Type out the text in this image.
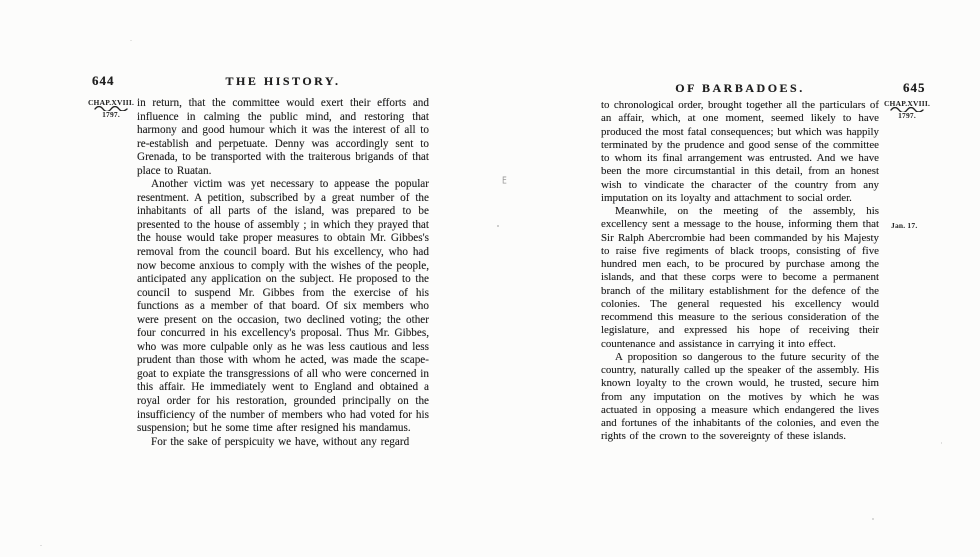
644	THE HISTORY.
CHAP.XVIII.
1797.

in return, that the committee would exert their efforts and influence in calming the public mind, and restoring that harmony and good humour which it was the interest of all to re-establish and perpetuate. Denny was accordingly sent to Grenada, to be transported with the traiterous brigands of that place to Ruatan.

Another victim was yet necessary to appease the popular resentment. A petition, subscribed by a great number of the inhabitants of all parts of the island, was prepared to be presented to the house of assembly ; in which they prayed that the house would take proper measures to obtain Mr. Gibbes's removal from the council board. But his excellency, who had now become anxious to comply with the wishes of the people, anticipated any application on the subject. He proposed to the council to suspend Mr. Gibbes from the exercise of his functions as a member of that board. Of six members who were present on the occasion, two declined voting; the other four concurred in his excellency's proposal. Thus Mr. Gibbes, who was more culpable only as he was less cautious and less prudent than those with whom he acted, was made the scape-goat to expiate the transgressions of all who were concerned in this affair. He immediately went to England and obtained a royal order for his restoration, grounded principally on the insufficiency of the number of members who had voted for his suspension; but he some time after resigned his mandamus.

For the sake of perspicuity we have, without any regard

OF BARBADOES.	645
CHAP.XVIII.
1797.
Jan. 17.

to chronological order, brought together all the particulars of an affair, which, at one moment, seemed likely to have produced the most fatal consequences; but which was happily terminated by the prudence and good sense of the committee to whom its final arrangement was entrusted. And we have been the more circumstantial in this detail, from an honest wish to vindicate the character of the country from any imputation on its loyalty and attachment to social order.

Meanwhile, on the meeting of the assembly, his excellency sent a message to the house, informing them that Sir Ralph Abercrombie had been commanded by his Majesty to raise five regiments of black troops, consisting of five hundred men each, to be procured by purchase among the islands, and that these corps were to become a permanent branch of the military establishment for the defence of the colonies. The general requested his excellency would recommend this measure to the serious consideration of the legislature, and expressed his hope of receiving their countenance and assistance in carrying it into effect.

A proposition so dangerous to the future security of the country, naturally called up the speaker of the assembly. His known loyalty to the crown would, he trusted, secure him from any imputation on the motives by which he was actuated in opposing a measure which endangered the lives and fortunes of the inhabitants of the colonies, and even the rights of the crown to the sovereignty of these islands.

E
